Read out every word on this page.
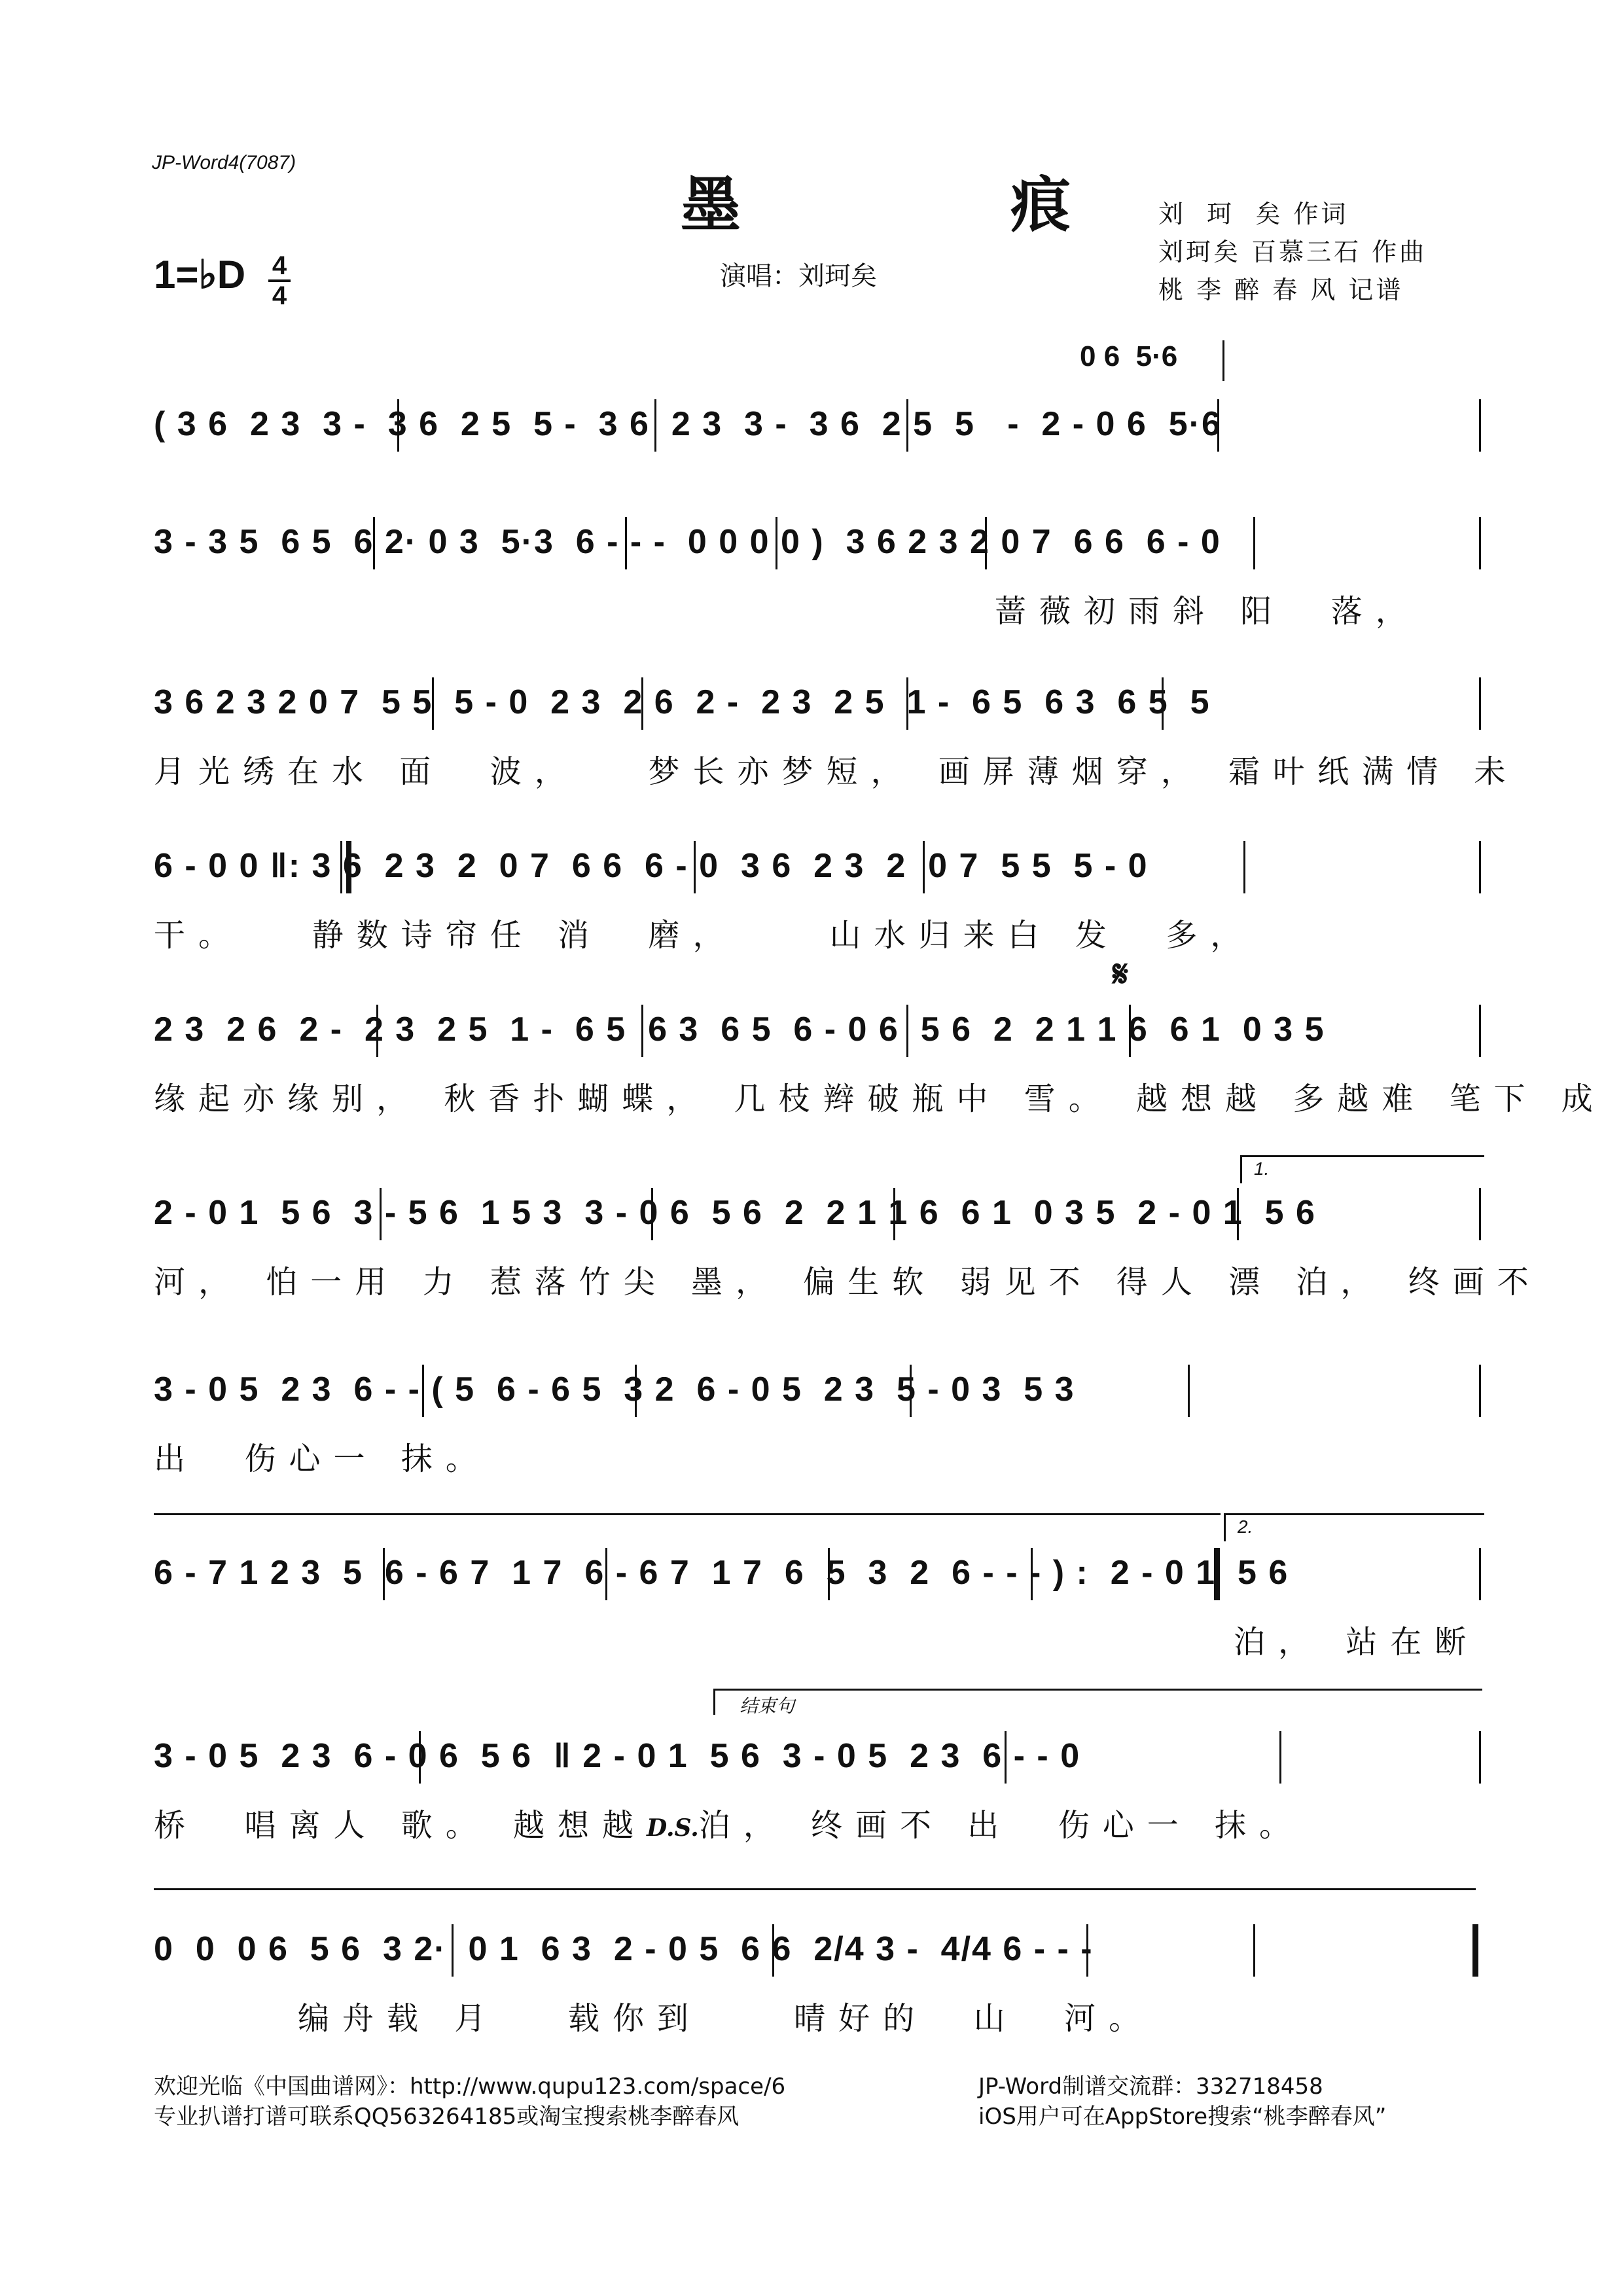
JP-Word4(7087)
墨 痕
演唱：刘珂矣
1=♭D 4
4
刘  珂  矣 作词
刘珂矣 百慕三石 作曲
桃 李 醉 春 风 记谱
0 6  5·6
( 3 6  2 3  3 -  3 6  2 5  5 -  3 6  2 3  3 -  3 6  2 5  5   -  2 - 0 6  5·6
3 - 3 5  6 5  6 2· 0 3  5·3  6 - - -  0 0 0 0 )  3 6 2 3 2 0 7  6 6  6 - 0
蔷薇初雨斜 阳  落，
3 6 2 3 2 0 7  5 5  5 - 0  2 3  2 6  2 -  2 3  2 5  1 -  6 5  6 3  6 5  5
月光绣在水 面  波，   梦长亦梦短， 画屏薄烟穿， 霜叶纸满情 未
6 - 0 0 ‖: 3 6  2 3  2  0 7  6 6  6 - 0  3 6  2 3  2  0 7  5 5  5 - 0
干。   静数诗帘任 消  磨，    山水归来白 发  多，
𝄋
2 3  2 6  2 -  2 3  2 5  1 -  6 5  6 3  6 5  6 - 0 6  5 6  2  2 1 1 6  6 1  0 3 5
缘起亦缘别， 秋香扑蝴蝶， 几枝辫破瓶中 雪。 越想越 多越难 笔下 成
1.
2 - 0 1  5 6  3 - 5 6  1 5 3  3 - 0 6  5 6  2  2 1 1 6  6 1  0 3 5  2 - 0 1  5 6
河， 怕一用 力 惹落竹尖 墨， 偏生软 弱见不 得人 漂 泊， 终画不
3 - 0 5  2 3  6 - - ( 5  6 - 6 5  3 2  6 - 0 5  2 3  5 - 0 3  5 3
出  伤心一 抹。
2.
6 - 7 1 2 3  5  6 - 6 7  1 7  6 - 6 7  1 7  6  5  3  2  6 - - - ) :  2 - 0 1  5 6
泊， 站在断
结束句
3 - 0 5  2 3  6 - 0 6  5 6  ‖ 2 - 0 1  5 6  3 - 0 5  2 3  6 - - 0
桥  唱离人 歌。 越想越D.S.泊， 终画不 出  伤心一 抹。
0  0  0 6  5 6  3 2·  0 1  6 3  2 - 0 5  6 6  2/4 3 -  4/4 6 - - -
编舟载 月   载你到    晴好的  山  河。
欢迎光临《中国曲谱网》：http://www.qupu123.com/space/6
专业扒谱打谱可联系QQ563264185或淘宝搜索桃李醉春风
JP-Word制谱交流群：332718458
iOS用户可在AppStore搜索“桃李醉春风”
